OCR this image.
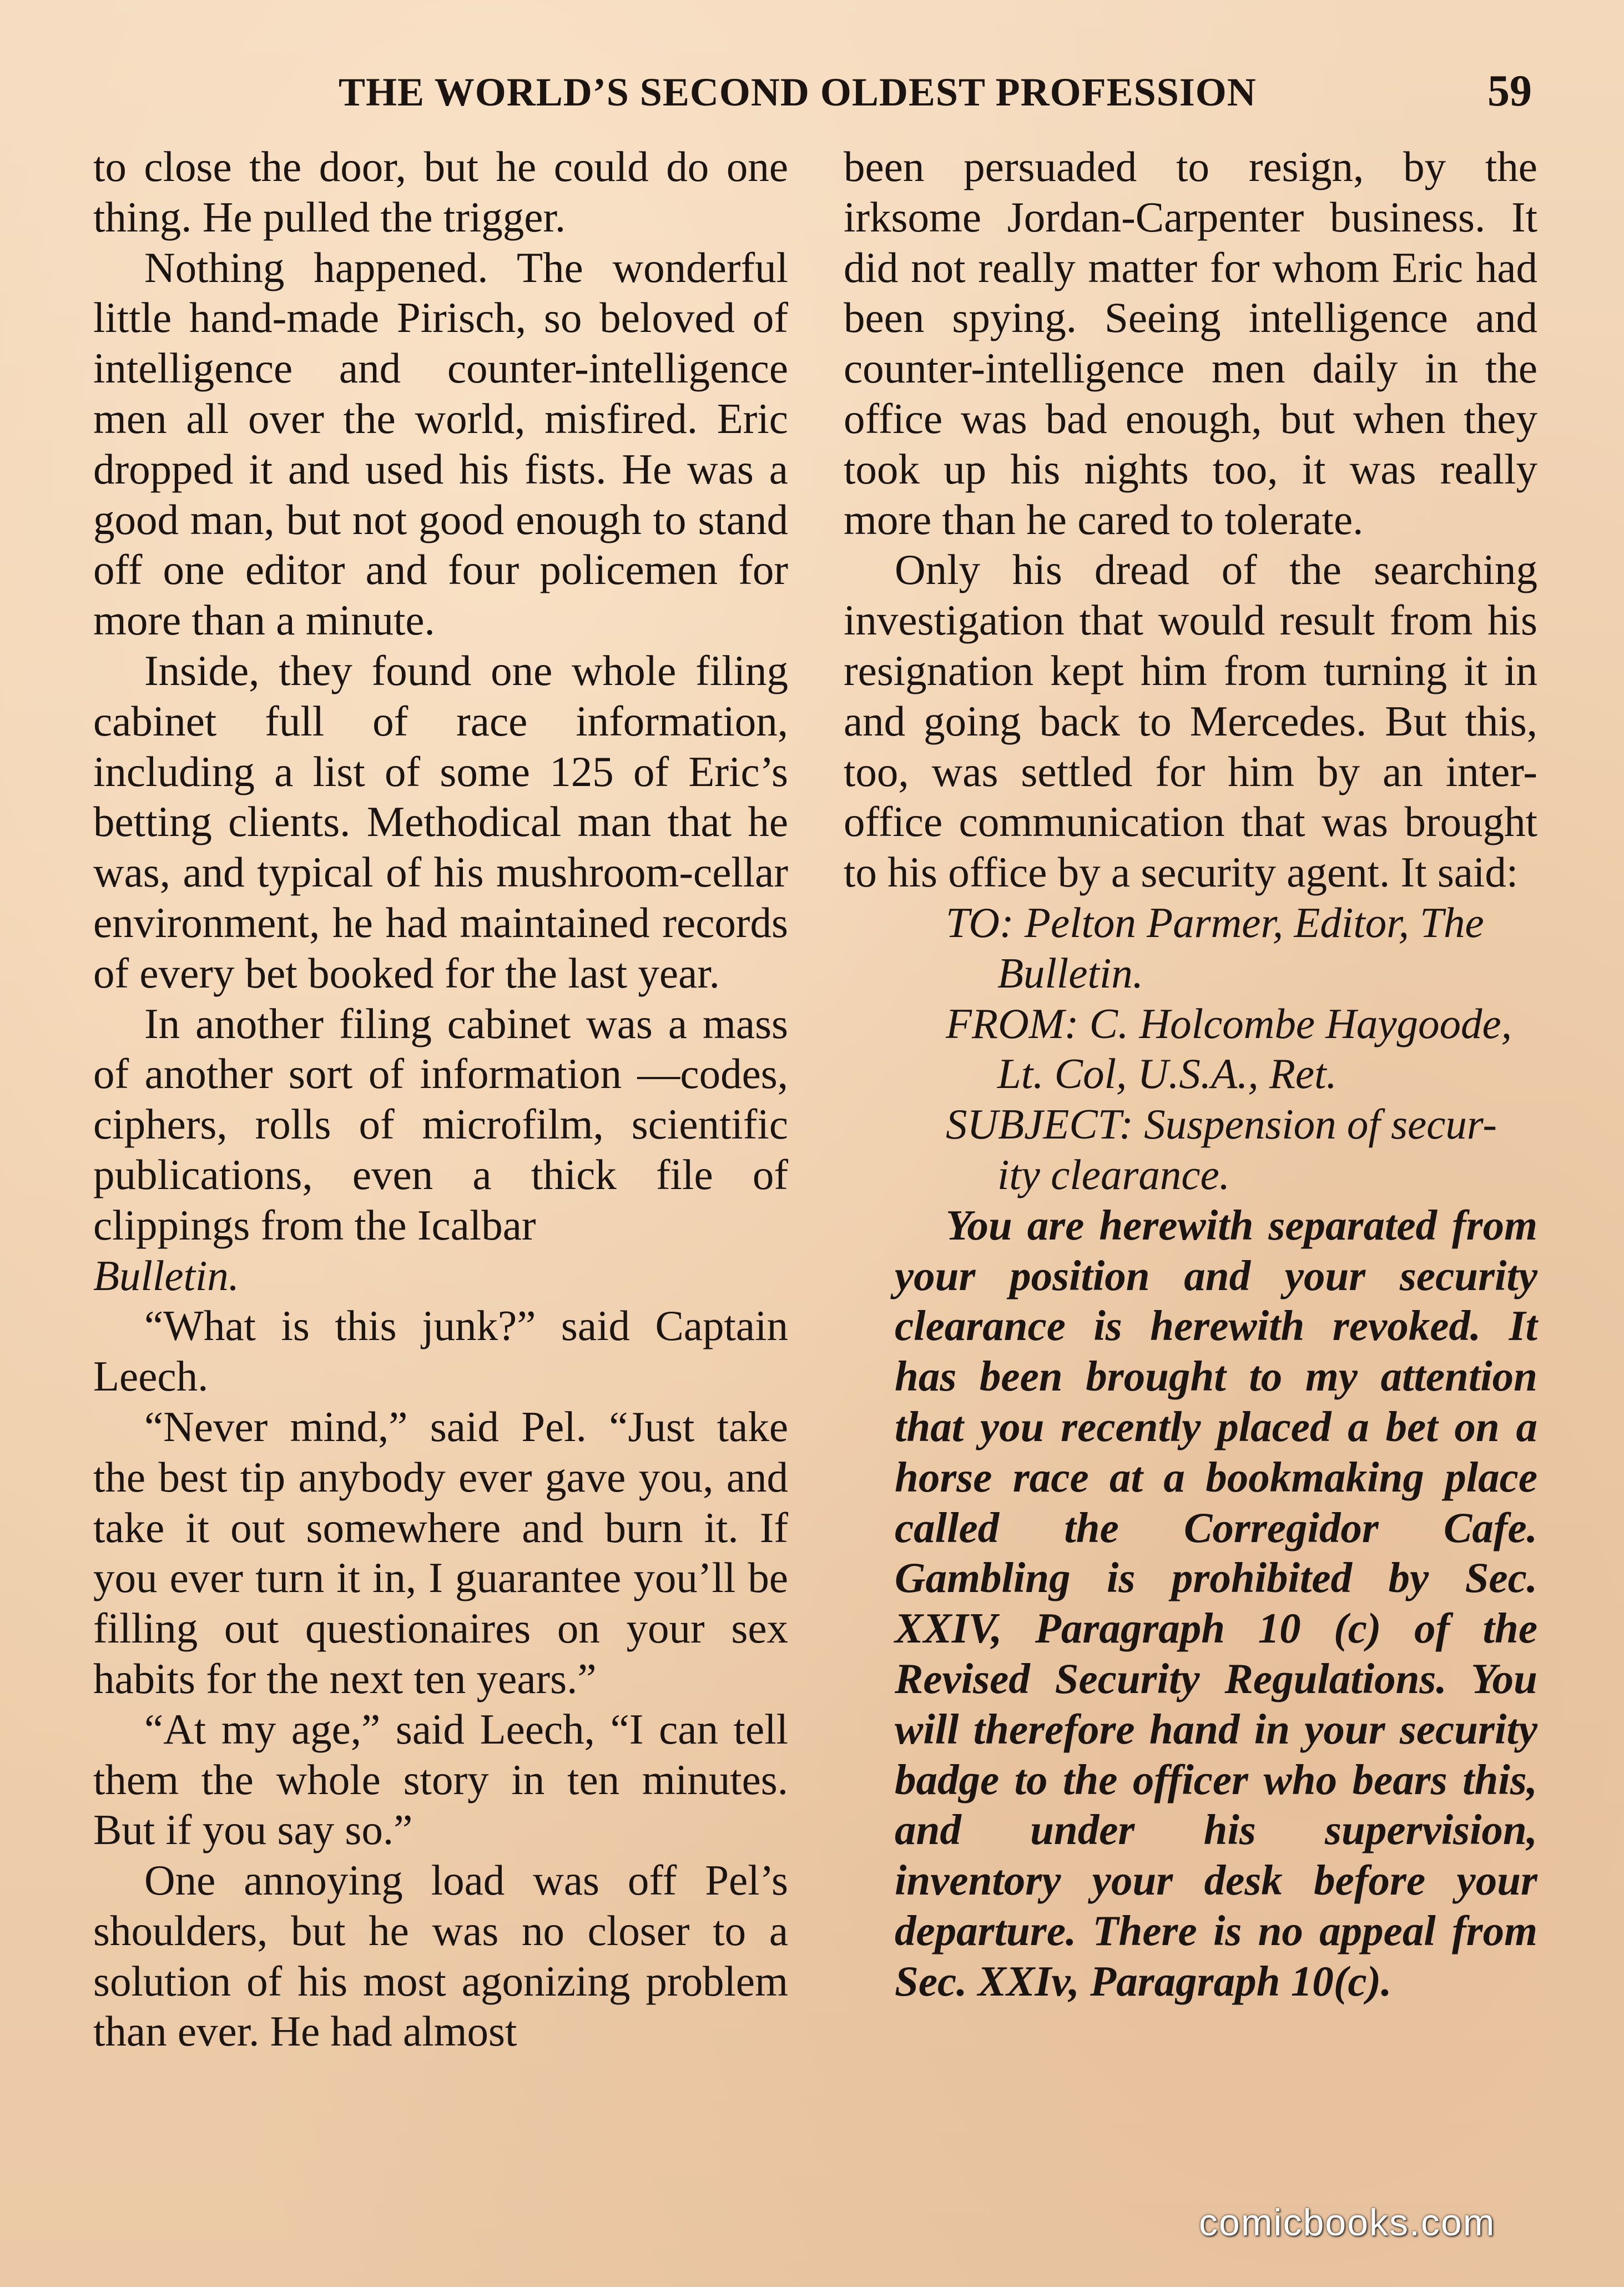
THE WORLD’S SECOND OLDEST PROFESSION	59

to close the door, but he could do one thing. He pulled the trigger.

Nothing happened. The wonderful little hand-made Pirisch, so beloved of intelligence and counter-intelligence men all over the world, misfired. Eric dropped it and used his fists. He was a good man, but not good enough to stand off one editor and four policemen for more than a minute.

Inside, they found one whole filing cabinet full of race information, including a list of some 125 of Eric’s betting clients. Methodical man that he was, and typical of his mushroom-cellar environment, he had maintained records of every bet booked for the last year.

In another filing cabinet was a mass of another sort of information —codes, ciphers, rolls of microfilm, scientific publications, even a thick file of clippings from the Icalbar

Bulletin.

“What is this junk?” said Captain Leech.

“Never mind,” said Pel. “Just take the best tip anybody ever gave you, and take it out somewhere and burn it. If you ever turn it in, I guarantee you’ll be filling out questionaires on your sex habits for the next ten years.”

“At my age,” said Leech, “I can tell them the whole story in ten minutes. But if you say so.”

One annoying load was off Pel’s shoulders, but he was no closer to a solution of his most agonizing problem than ever. He had almost

been persuaded to resign, by the irksome Jordan-Carpenter business. It did not really matter for whom Eric had been spying. Seeing intelligence and counter-intelligence men daily in the office was bad enough, but when they took up his nights too, it was really more than he cared to tolerate.

Only his dread of the searching investigation that would result from his resignation kept him from turning it in and going back to Mercedes. But this, too, was settled for him by an inter-office communication that was brought to his office by a security agent. It said:

TO: Pelton Parmer, Editor, The

Bulletin.

FROM: C. Holcombe Haygoode,

Lt. Col, U.S.A., Ret.

SUBJECT: Suspension of secur-

ity clearance.

You are herewith separated from your position and your security clearance is herewith revoked. It has been brought to my attention that you recently placed a bet on a horse race at a bookmaking place called the Corregidor Cafe. Gambling is prohibited by Sec. XXIV, Paragraph 10 (c) of the Revised Security Regulations. You will therefore hand in your security badge to the officer who bears this, and under his supervision, inventory your desk before your departure. There is no appeal from Sec. XXIv, Paragraph 10(c).

comicbooks.com
